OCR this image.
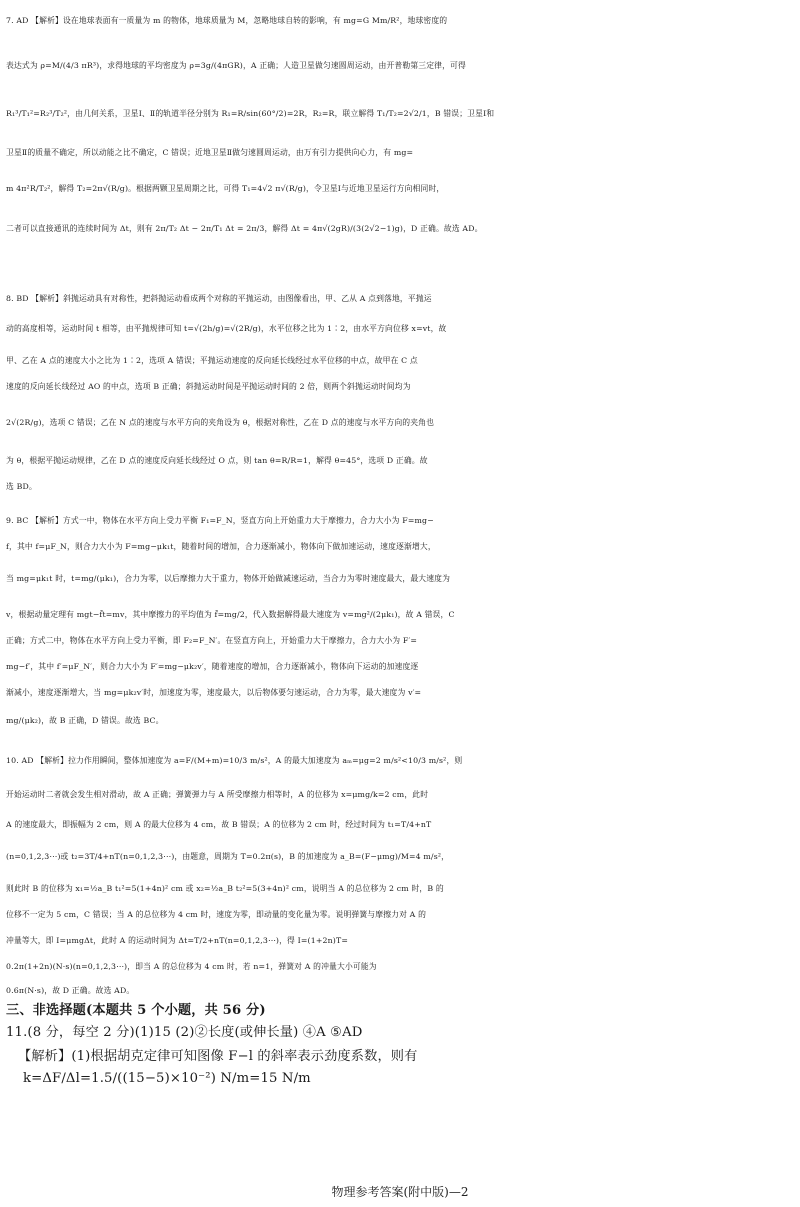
7. AD 【解析】设在地球表面有一质量为 m 的物体，地球质量为 M，忽略地球自转的影响，有 mg=G Mm/R²，地球密度的

表达式为 ρ=M/(4/3 πR³)，求得地球的平均密度为 ρ=3g/(4πGR)，A 正确；人造卫星做匀速圆周运动，由开普勒第三定律，可得

R₁³/T₁²=R₂³/T₂²，由几何关系，卫星Ⅰ、Ⅱ的轨道半径分别为 R₁=R/sin(60°/2)=2R，R₂=R，联立解得 T₁/T₂=2√2/1，B 错误；卫星Ⅰ和

卫星Ⅱ的质量不确定，所以动能之比不确定，C 错误；近地卫星Ⅱ做匀速圆周运动，由万有引力提供向心力，有 mg=

m 4π²R/T₂²，解得 T₂=2π√(R/g)。根据两颗卫星周期之比，可得 T₁=4√2 π√(R/g)，令卫星Ⅰ与近地卫星运行方向相同时，

二者可以直接通讯的连续时间为 Δt，则有 2π/T₂ Δt − 2π/T₁ Δt = 2π/3，解得 Δt = 4π√(2gR)/(3(2√2−1)g)，D 正确。故选 AD。

8. BD 【解析】斜抛运动具有对称性，把斜抛运动看成两个对称的平抛运动，由图像看出，甲、乙从 A 点到落地，平抛运

动的高度相等，运动时间 t 相等，由平抛规律可知 t=√(2h/g)=√(2R/g)，水平位移之比为 1∶2，由水平方向位移 x=vt，故

甲、乙在 A 点的速度大小之比为 1∶2，选项 A 错误；平抛运动速度的反向延长线经过水平位移的中点，故甲在 C 点

速度的反向延长线经过 AO 的中点，选项 B 正确；斜抛运动时间是平抛运动时间的 2 倍，则两个斜抛运动时间均为

2√(2R/g)，选项 C 错误；乙在 N 点的速度与水平方向的夹角设为 θ，根据对称性，乙在 D 点的速度与水平方向的夹角也

为 θ，根据平抛运动规律，乙在 D 点的速度反向延长线经过 O 点，则 tan θ=R/R=1，解得 θ=45°，选项 D 正确。故

选 BD。

9. BC 【解析】方式一中，物体在水平方向上受力平衡 F₁=F_N，竖直方向上开始重力大于摩擦力，合力大小为 F=mg−

f，其中 f=μF_N，则合力大小为 F=mg−μk₁t，随着时间的增加，合力逐渐减小，物体向下做加速运动，速度逐渐增大，

当 mg=μk₁t 时，t=mg/(μk₁)，合力为零，以后摩擦力大于重力，物体开始做减速运动，当合力为零时速度最大，最大速度为

v，根据动量定理有 mgt−f̄t=mv，其中摩擦力的平均值为 f̄=mg/2，代入数据解得最大速度为 v=mg²/(2μk₁)，故 A 错误，C

正确；方式二中，物体在水平方向上受力平衡，即 F₂=F_N′。在竖直方向上，开始重力大于摩擦力，合力大小为 F′=

mg−f′，其中 f′=μF_N′，则合力大小为 F′=mg−μk₂v′，随着速度的增加，合力逐渐减小，物体向下运动的加速度逐

渐减小，速度逐渐增大，当 mg=μk₂v′时，加速度为零，速度最大，以后物体要匀速运动，合力为零，最大速度为 v′=

mg/(μk₂)，故 B 正确，D 错误。故选 BC。

10. AD 【解析】拉力作用瞬间，整体加速度为 a=F/(M+m)=10/3 m/s²，A 的最大加速度为 aₘ=μg=2 m/s²<10/3 m/s²，则

开始运动时二者就会发生相对滑动，故 A 正确；弹簧弹力与 A 所受摩擦力相等时，A 的位移为 x=μmg/k=2 cm，此时

A 的速度最大，即振幅为 2 cm，则 A 的最大位移为 4 cm，故 B 错误；A 的位移为 2 cm 时，经过时间为 t₁=T/4+nT

(n=0,1,2,3⋯)或 t₂=3T/4+nT(n=0,1,2,3⋯)，由题意，周期为 T=0.2π(s)，B 的加速度为 a_B=(F−μmg)/M=4 m/s²，

则此时 B 的位移为 x₁=½a_B t₁²=5(1+4n)² cm 或 x₂=½a_B t₂²=5(3+4n)² cm，说明当 A 的总位移为 2 cm 时，B 的

位移不一定为 5 cm，C 错误；当 A 的总位移为 4 cm 时，速度为零，即动量的变化量为零。说明弹簧与摩擦力对 A 的

冲量等大，即 I=μmgΔt，此时 A 的运动时间为 Δt=T/2+nT(n=0,1,2,3⋯)，得 I=(1+2n)T=

0.2π(1+2n)(N·s)(n=0,1,2,3⋯)，即当 A 的总位移为 4 cm 时，若 n=1，弹簧对 A 的冲量大小可能为

0.6π(N·s)，故 D 正确。故选 AD。

三、非选择题(本题共 5 个小题，共 56 分)
11.(8 分，每空 2 分)(1)15 (2)②长度(或伸长量) ④A ⑤AD
【解析】(1)根据胡克定律可知图像 F−l 的斜率表示劲度系数，则有
k=ΔF/Δl=1.5/((15−5)×10⁻²) N/m=15 N/m
物理参考答案(附中版)—2
